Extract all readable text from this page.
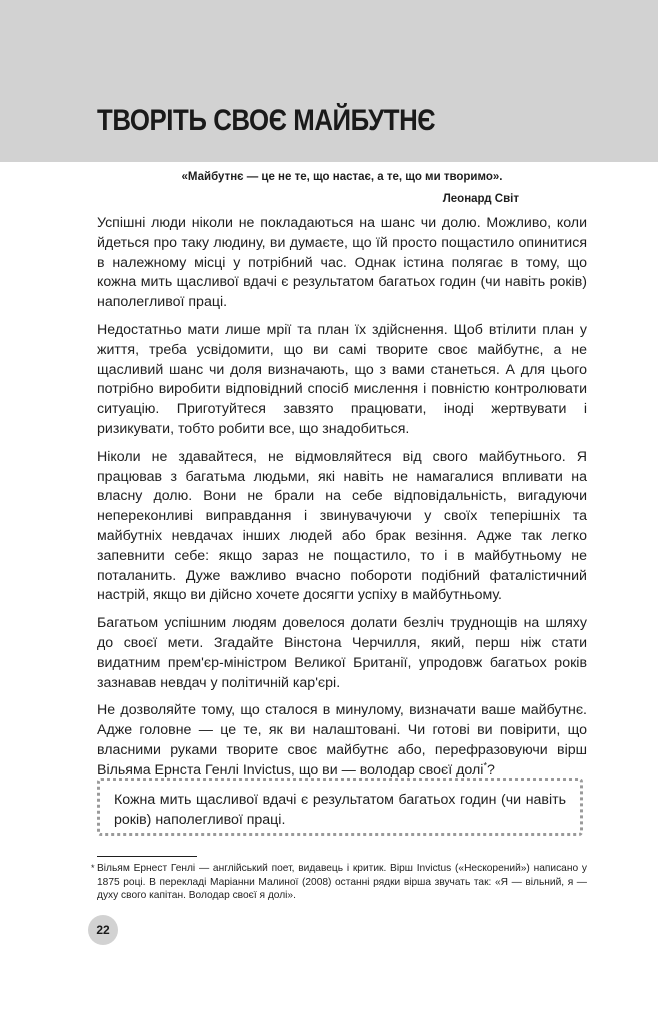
ТВОРІТЬ СВОЄ МАЙБУТНЄ
«Майбутнє — це не те, що настає, а те, що ми творимо».
Леонард Світ

Успішні люди ніколи не покладаються на шанс чи долю. Можливо, коли йдеться про таку людину, ви думаєте, що їй просто пощастило опинитися в належному місці у потрібний час. Однак істина полягає в тому, що кожна мить щасливої вдачі є результатом багатьох годин (чи навіть років) наполегливої праці.

Недостатньо мати лише мрії та план їх здійснення. Щоб втілити план у життя, треба усвідомити, що ви самі творите своє майбутнє, а не щасливий шанс чи доля визначають, що з вами станеться. А для цього потрібно виробити відповідний спосіб мислення і повністю контролювати ситуацію. Приготуйтеся завзято працювати, іноді жертвувати і ризикувати, тобто робити все, що знадобиться.

Ніколи не здавайтеся, не відмовляйтеся від свого майбутнього. Я працював з багатьма людьми, які навіть не намагалися впливати на власну долю. Вони не брали на себе відповідальність, вигадуючи непереконливі виправдання і звинувачуючи у своїх теперішніх та майбутніх невдачах інших людей або брак везіння. Адже так легко запевнити себе: якщо зараз не пощастило, то і в майбутньому не поталанить. Дуже важливо вчасно побороти подібний фаталістичний настрій, якщо ви дійсно хочете досягти успіху в майбутньому.

Багатьом успішним людям довелося долати безліч труднощів на шляху до своєї мети. Згадайте Вінстона Черчилля, який, перш ніж стати видатним прем'єр-міністром Великої Британії, упродовж багатьох років зазнавав невдач у політичній кар'єрі.

Не дозволяйте тому, що сталося в минулому, визначати ваше майбутнє. Адже головне — це те, як ви налаштовані. Чи готові ви повірити, що власними руками творите своє майбутнє або, перефразовуючи вірш Вільяма Ернста Генлі Invictus, що ви — володар своєї долі*?

Кожна мить щасливої вдачі є результатом багатьох годин (чи навіть років) наполегливої праці.

* Вільям Ернест Генлі — англійський поет, видавець і критик. Вірш Invictus («Нескорений») написано у 1875 році. В перекладі Маріанни Малиної (2008) останні рядки вірша звучать так: «Я — вільний, я — духу свого капітан. Володар своєї я долі».
22
